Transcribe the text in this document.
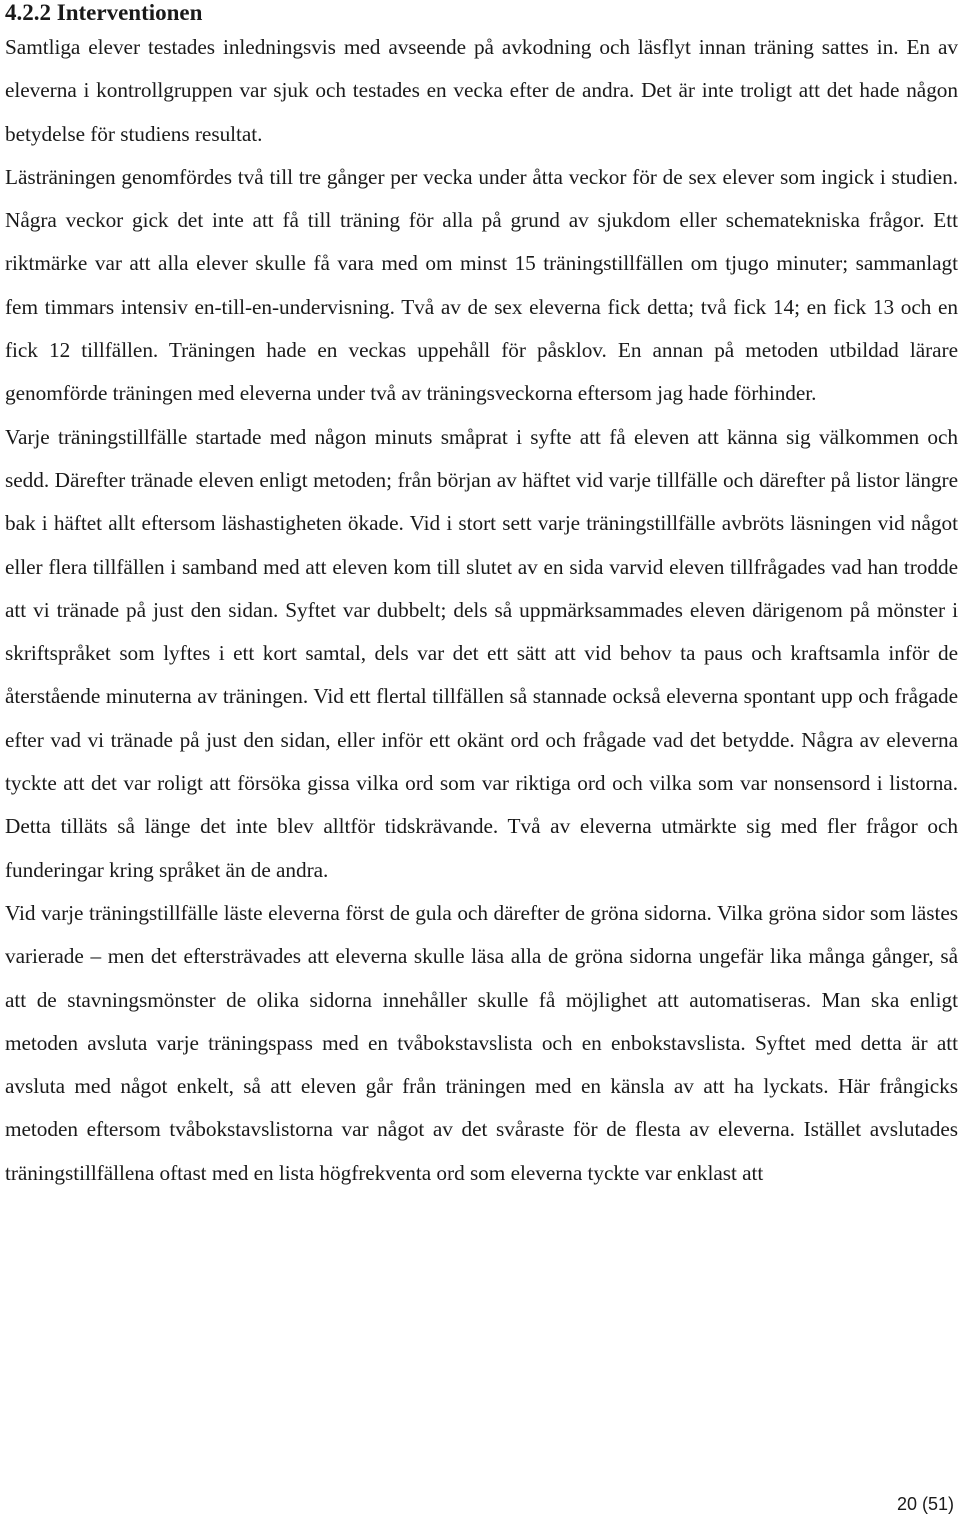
4.2.2 Interventionen

Samtliga elever testades inledningsvis med avseende på avkodning och läsflyt innan träning sattes in. En av eleverna i kontrollgruppen var sjuk och testades en vecka efter de andra. Det är inte troligt att det hade någon betydelse för studiens resultat.

Lästräningen genomfördes två till tre gånger per vecka under åtta veckor för de sex elever som ingick i studien. Några veckor gick det inte att få till träning för alla på grund av sjukdom eller schematekniska frågor. Ett riktmärke var att alla elever skulle få vara med om minst 15 träningstillfällen om tjugo minuter; sammanlagt fem timmars intensiv en-till-en-undervisning. Två av de sex eleverna fick detta; två fick 14; en fick 13 och en fick 12 tillfällen. Träningen hade en veckas uppehåll för påsklov. En annan på metoden utbildad lärare genomförde träningen med eleverna under två av träningsveckorna eftersom jag hade förhinder.

Varje träningstillfälle startade med någon minuts småprat i syfte att få eleven att känna sig välkommen och sedd. Därefter tränade eleven enligt metoden; från början av häftet vid varje tillfälle och därefter på listor längre bak i häftet allt eftersom läshastigheten ökade. Vid i stort sett varje träningstillfälle avbröts läsningen vid något eller flera tillfällen i samband med att eleven kom till slutet av en sida varvid eleven tillfrågades vad han trodde att vi tränade på just den sidan. Syftet var dubbelt; dels så uppmärksammades eleven därigenom på mönster i skriftspråket som lyftes i ett kort samtal, dels var det ett sätt att vid behov ta paus och kraftsamla inför de återstående minuterna av träningen. Vid ett flertal tillfällen så stannade också eleverna spontant upp och frågade efter vad vi tränade på just den sidan, eller inför ett okänt ord och frågade vad det betydde. Några av eleverna tyckte att det var roligt att försöka gissa vilka ord som var riktiga ord och vilka som var nonsensord i listorna. Detta tilläts så länge det inte blev alltför tidskrävande. Två av eleverna utmärkte sig med fler frågor och funderingar kring språket än de andra.

Vid varje träningstillfälle läste eleverna först de gula och därefter de gröna sidorna. Vilka gröna sidor som lästes varierade – men det eftersträvades att eleverna skulle läsa alla de gröna sidorna ungefär lika många gånger, så att de stavningsmönster de olika sidorna innehåller skulle få möjlighet att automatiseras. Man ska enligt metoden avsluta varje träningspass med en tvåbokstavslista och en enbokstavslista. Syftet med detta är att avsluta med något enkelt, så att eleven går från träningen med en känsla av att ha lyckats. Här frångicks metoden eftersom tvåbokstavslistorna var något av det svåraste för de flesta av eleverna. Istället avslutades träningstillfällena oftast med en lista högfrekventa ord som eleverna tyckte var enklast att

20 (51)
